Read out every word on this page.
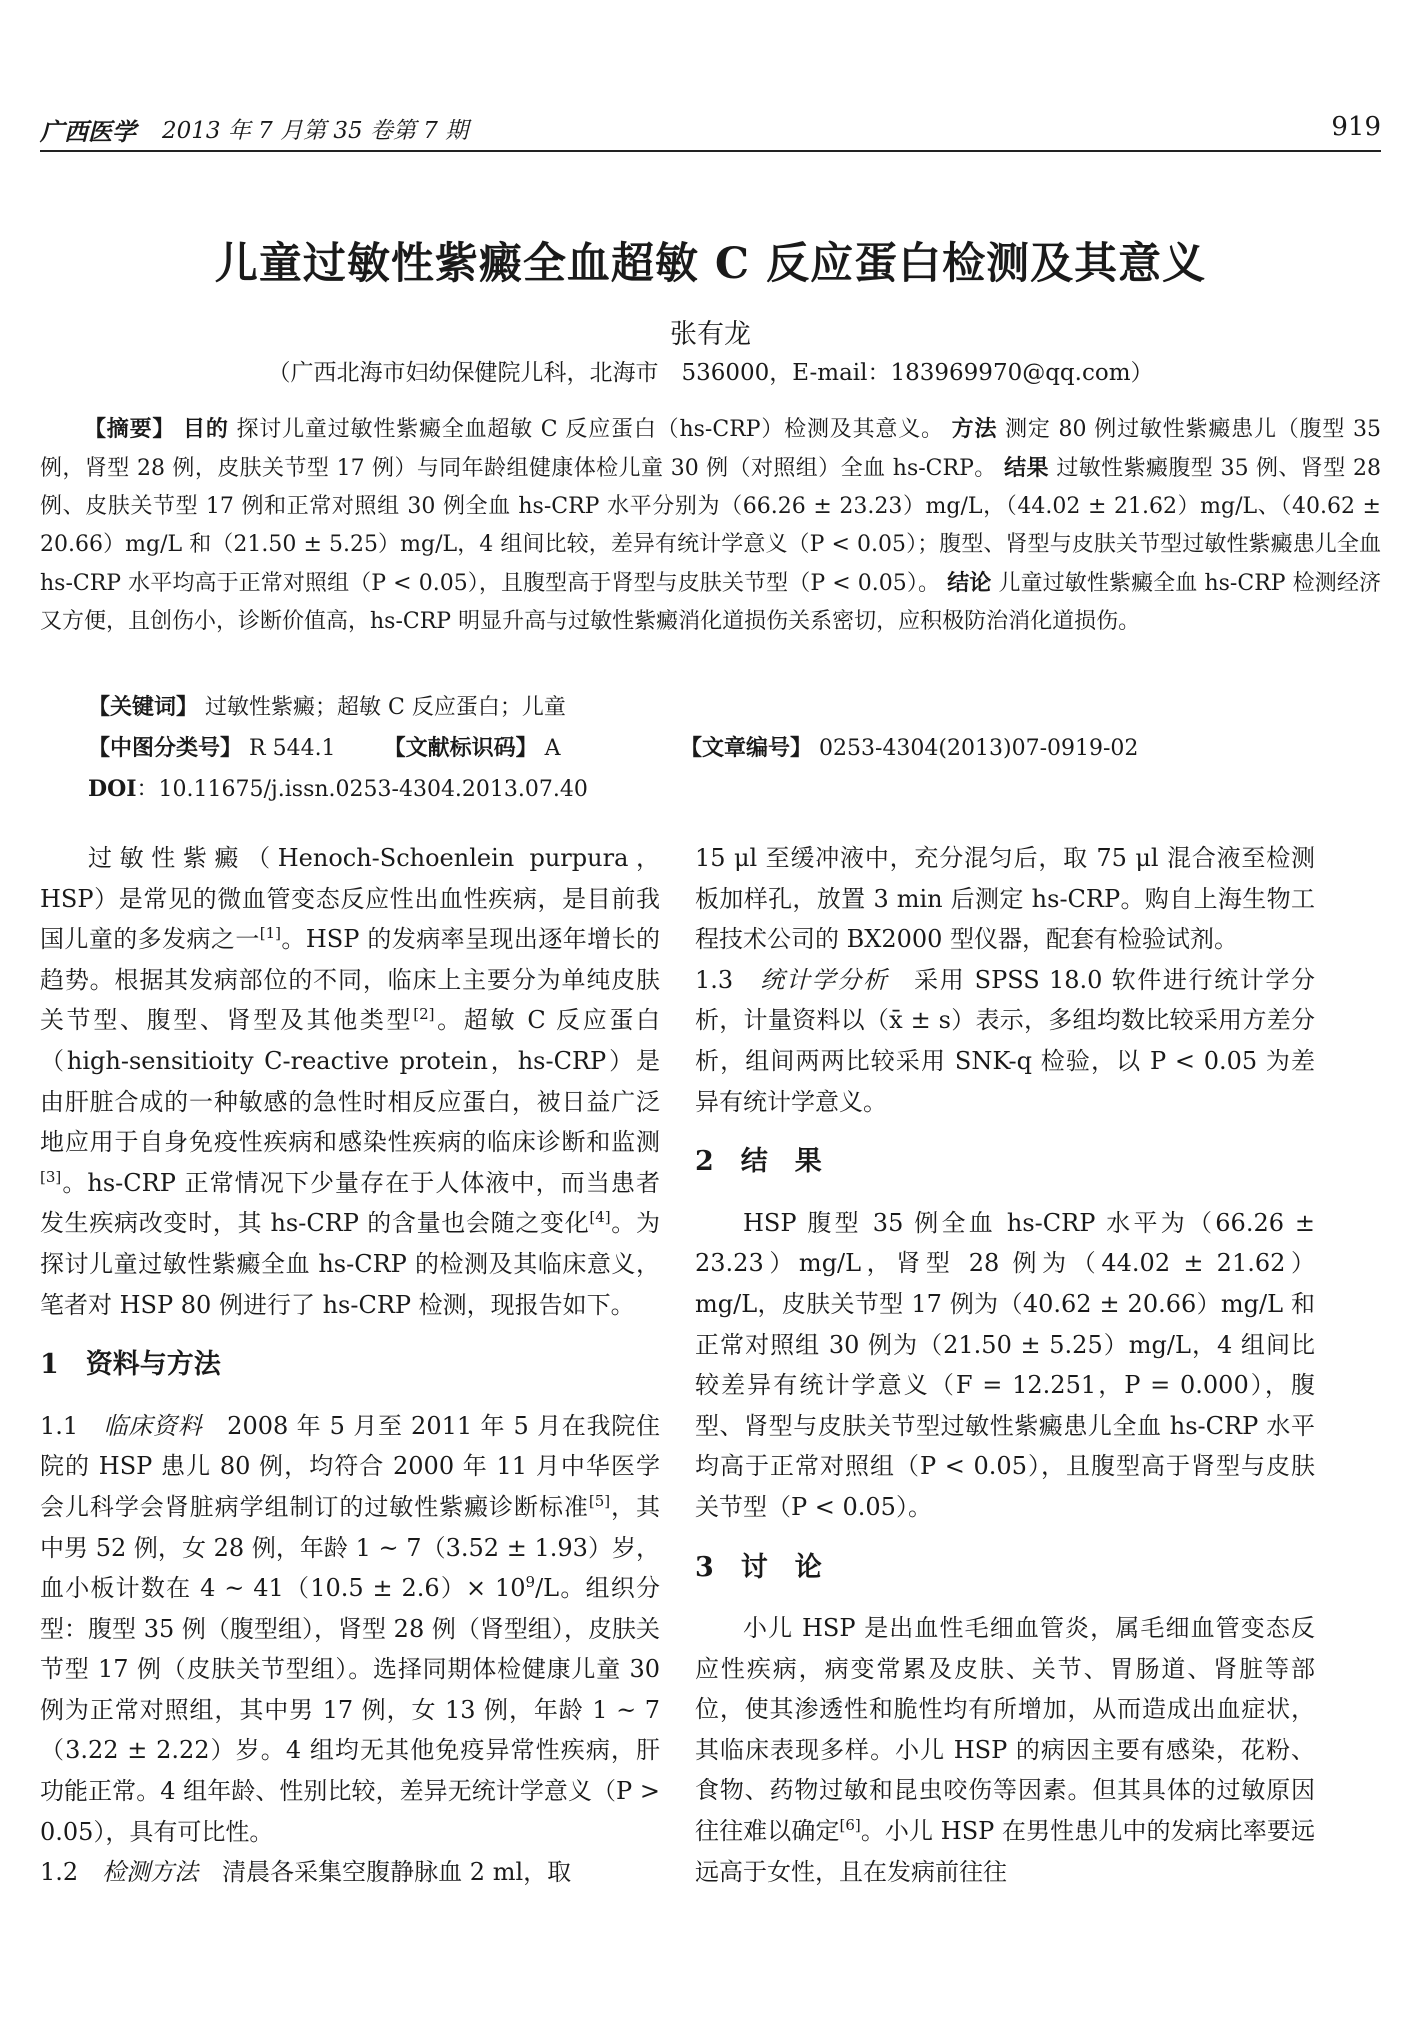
广西医学 2013 年 7 月第 35 卷第 7 期	919
儿童过敏性紫癜全血超敏 C 反应蛋白检测及其意义
张有龙
（广西北海市妇幼保健院儿科，北海市　536000，E-mail：183969970@qq.com）

【摘要】 目的 探讨儿童过敏性紫癜全血超敏 C 反应蛋白（hs-CRP）检测及其意义。 方法 测定 80 例过敏性紫癜患儿（腹型 35 例，肾型 28 例，皮肤关节型 17 例）与同年龄组健康体检儿童 30 例（对照组）全血 hs-CRP。 结果 过敏性紫癜腹型 35 例、肾型 28 例、皮肤关节型 17 例和正常对照组 30 例全血 hs-CRP 水平分别为（66.26 ± 23.23）mg/L，（44.02 ± 21.62）mg/L、（40.62 ± 20.66）mg/L 和（21.50 ± 5.25）mg/L，4 组间比较，差异有统计学意义（P < 0.05）；腹型、肾型与皮肤关节型过敏性紫癜患儿全血 hs-CRP 水平均高于正常对照组（P < 0.05），且腹型高于肾型与皮肤关节型（P < 0.05）。 结论 儿童过敏性紫癜全血 hs-CRP 检测经济又方便，且创伤小，诊断价值高，hs-CRP 明显升高与过敏性紫癜消化道损伤关系密切，应积极防治消化道损伤。

【关键词】 过敏性紫癜；超敏 C 反应蛋白；儿童
【中图分类号】 R 544.1 【文献标识码】 A	【文章编号】 0253-4304(2013)07-0919-02
DOI：10.11675/j.issn.0253-4304.2013.07.40

过敏性紫癜（Henoch-Schoenlein purpura，HSP）是常见的微血管变态反应性出血性疾病，是目前我国儿童的多发病之一[1]。HSP 的发病率呈现出逐年增长的趋势。根据其发病部位的不同，临床上主要分为单纯皮肤关节型、腹型、肾型及其他类型[2]。超敏 C 反应蛋白（high-sensitioity C-reactive protein，hs-CRP）是由肝脏合成的一种敏感的急性时相反应蛋白，被日益广泛地应用于自身免疫性疾病和感染性疾病的临床诊断和监测[3]。hs-CRP 正常情况下少量存在于人体液中，而当患者发生疾病改变时，其 hs-CRP 的含量也会随之变化[4]。为探讨儿童过敏性紫癜全血 hs-CRP 的检测及其临床意义，笔者对 HSP 80 例进行了 hs-CRP 检测，现报告如下。

1　资料与方法

1.1　临床资料　2008 年 5 月至 2011 年 5 月在我院住院的 HSP 患儿 80 例，均符合 2000 年 11 月中华医学会儿科学会肾脏病学组制订的过敏性紫癜诊断标准[5]，其中男 52 例，女 28 例，年龄 1 ~ 7（3.52 ± 1.93）岁，血小板计数在 4 ~ $41(10.5 \pm 2.6)\times 10^9/L$。组织分型：腹型 35 例（腹型组），肾型 28 例（肾型组），皮肤关节型 17 例（皮肤关节型组）。选择同期体检健康儿童 30 例为正常对照组，其中男 17 例，女 13 例，年龄 1 ~ 7（3.22 ± 2.22）岁。4 组均无其他免疫异常性疾病，肝功能正常。4 组年龄、性别比较，差异无统计学意义（P > 0.05），具有可比性。

1.2　检测方法　清晨各采集空腹静脉血 2 ml，取

15 μl 至缓冲液中，充分混匀后，取 75 μl 混合液至检测板加样孔，放置 3 min 后测定 hs-CRP。购自上海生物工程技术公司的 BX2000 型仪器，配套有检验试剂。

1.3　统计学分析　采用 SPSS 18.0 软件进行统计学分析，计量资料以（x̄ ± s）表示，多组均数比较采用方差分析，组间两两比较采用 SNK-q 检验，以 P < 0.05 为差异有统计学意义。

2　结　果

HSP 腹型 35 例全血 hs-CRP 水平为（66.26 ± 23.23）mg/L，肾型 28 例为（44.02 ± 21.62）mg/L，皮肤关节型 17 例为（40.62 ± 20.66）mg/L 和正常对照组 30 例为（21.50 ± 5.25）mg/L，4 组间比较差异有统计学意义（F = 12.251，P = 0.000），腹型、肾型与皮肤关节型过敏性紫癜患儿全血 hs-CRP 水平均高于正常对照组（P < 0.05），且腹型高于肾型与皮肤关节型（P < 0.05）。

3　讨　论

小儿 HSP 是出血性毛细血管炎，属毛细血管变态反应性疾病，病变常累及皮肤、关节、胃肠道、肾脏等部位，使其渗透性和脆性均有所增加，从而造成出血症状，其临床表现多样。小儿 HSP 的病因主要有感染，花粉、食物、药物过敏和昆虫咬伤等因素。但其具体的过敏原因往往难以确定[6]。小儿 HSP 在男性患儿中的发病比率要远远高于女性，且在发病前往往
